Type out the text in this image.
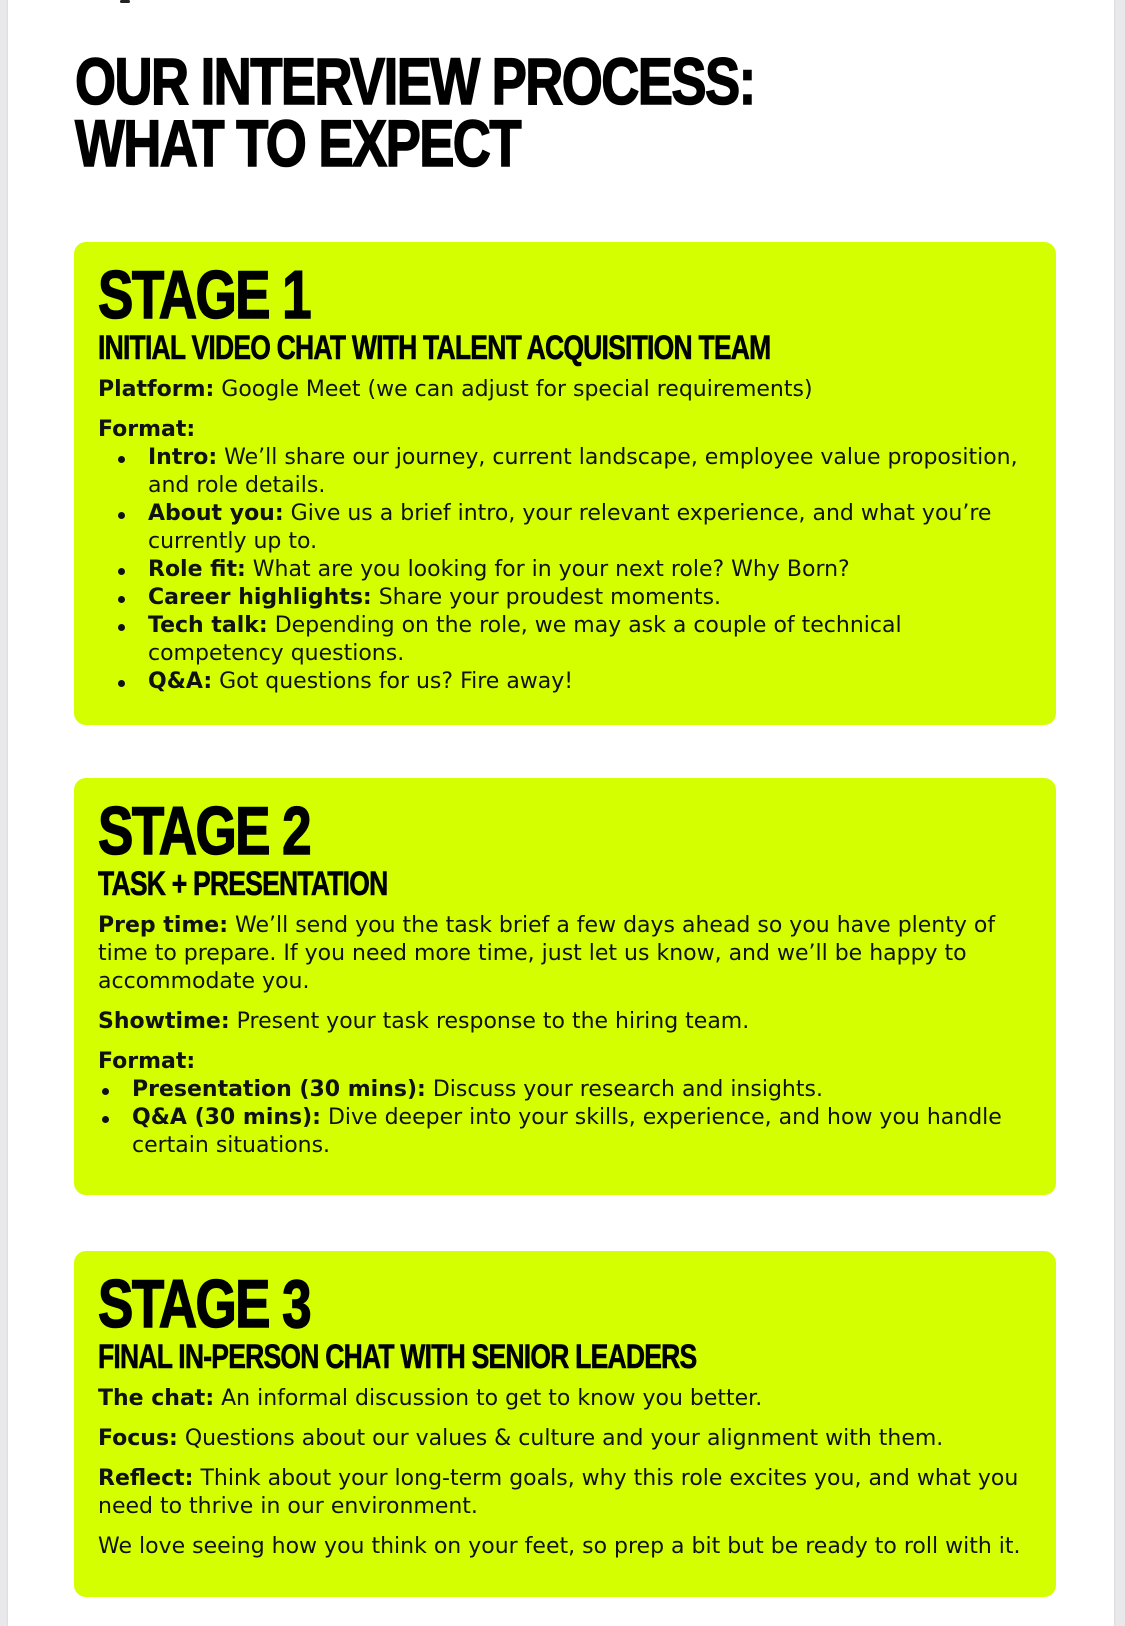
OUR INTERVIEW PROCESS:
WHAT TO EXPECT
STAGE 1
INITIAL VIDEO CHAT WITH TALENT ACQUISITION TEAM

Platform: Google Meet (we can adjust for special requirements)

Format:

Intro: We’ll share our journey, current landscape, employee value proposition, and role details.
About you: Give us a brief intro, your relevant experience, and what you’re currently up to.
Role fit: What are you looking for in your next role? Why Born?
Career highlights: Share your proudest moments.
Tech talk: Depending on the role, we may ask a couple of technical competency questions.
Q&A: Got questions for us? Fire away!
STAGE 2
TASK + PRESENTATION

Prep time: We’ll send you the task brief a few days ahead so you have plenty of time to prepare. If you need more time, just let us know, and we’ll be happy to accommodate you.

Showtime: Present your task response to the hiring team.

Format:

Presentation (30 mins): Discuss your research and insights.
Q&A (30 mins): Dive deeper into your skills, experience, and how you handle certain situations.
STAGE 3
FINAL IN-PERSON CHAT WITH SENIOR LEADERS

The chat: An informal discussion to get to know you better.

Focus: Questions about our values & culture and your alignment with them.

Reflect: Think about your long-term goals, why this role excites you, and what you need to thrive in our environment.

We love seeing how you think on your feet, so prep a bit but be ready to roll with it.
